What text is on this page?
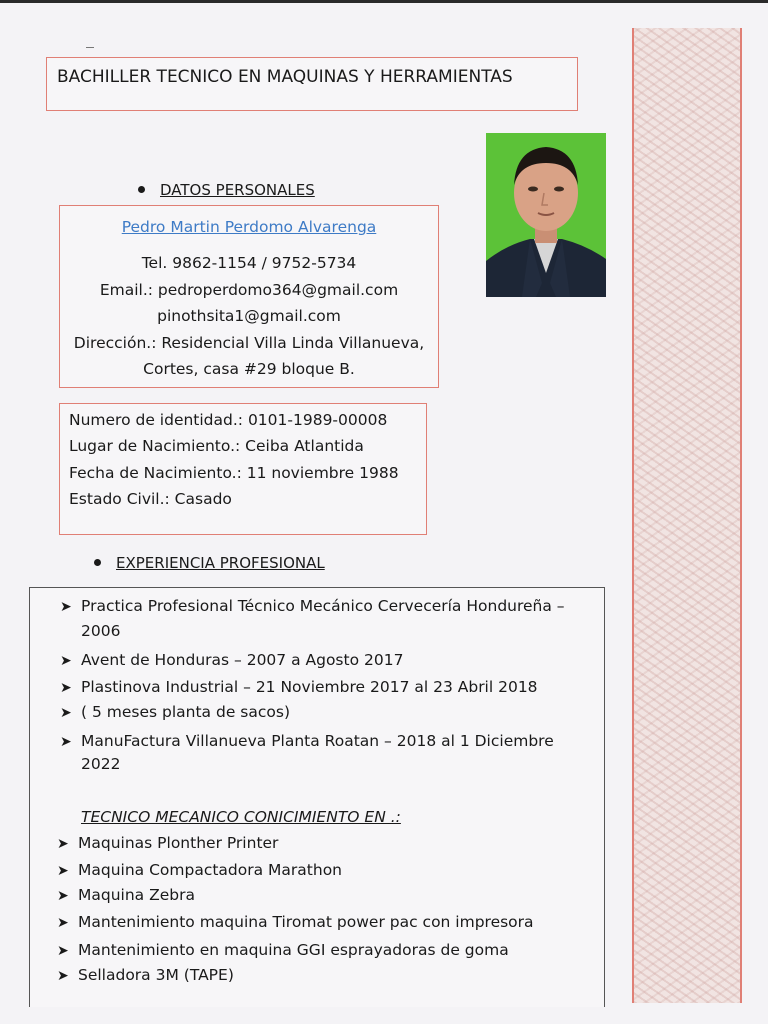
BACHILLER TECNICO EN MAQUINAS Y HERRAMIENTAS
DATOS PERSONALES
Pedro Martin Perdomo Alvarenga
Tel. 9862-1154 / 9752-5734
Email.: pedroperdomo364@gmail.com
pinothsita1@gmail.com
Dirección.: Residencial Villa Linda Villanueva,
Cortes, casa #29 bloque B.
Numero de identidad.: 0101-1989-00008
Lugar de Nacimiento.: Ceiba Atlantida
Fecha de Nacimiento.: 11 noviembre 1988
Estado Civil.: Casado
EXPERIENCIA PROFESIONAL
➤ Practica Profesional Técnico Mecánico Cervecería Hondureña –
2006
➤ Avent de Honduras – 2007 a Agosto 2017
➤ Plastinova Industrial – 21 Noviembre 2017 al 23 Abril 2018
➤ ( 5 meses planta de sacos)
➤ ManuFactura Villanueva Planta Roatan – 2018 al 1 Diciembre
2022
TECNICO MECANICO CONICIMIENTO EN .:
➤ Maquinas Plonther Printer
➤ Maquina Compactadora Marathon
➤ Maquina Zebra
➤ Mantenimiento maquina Tiromat power pac con impresora
➤ Mantenimiento en maquina GGI esprayadoras de goma
➤ Selladora 3M (TAPE)
